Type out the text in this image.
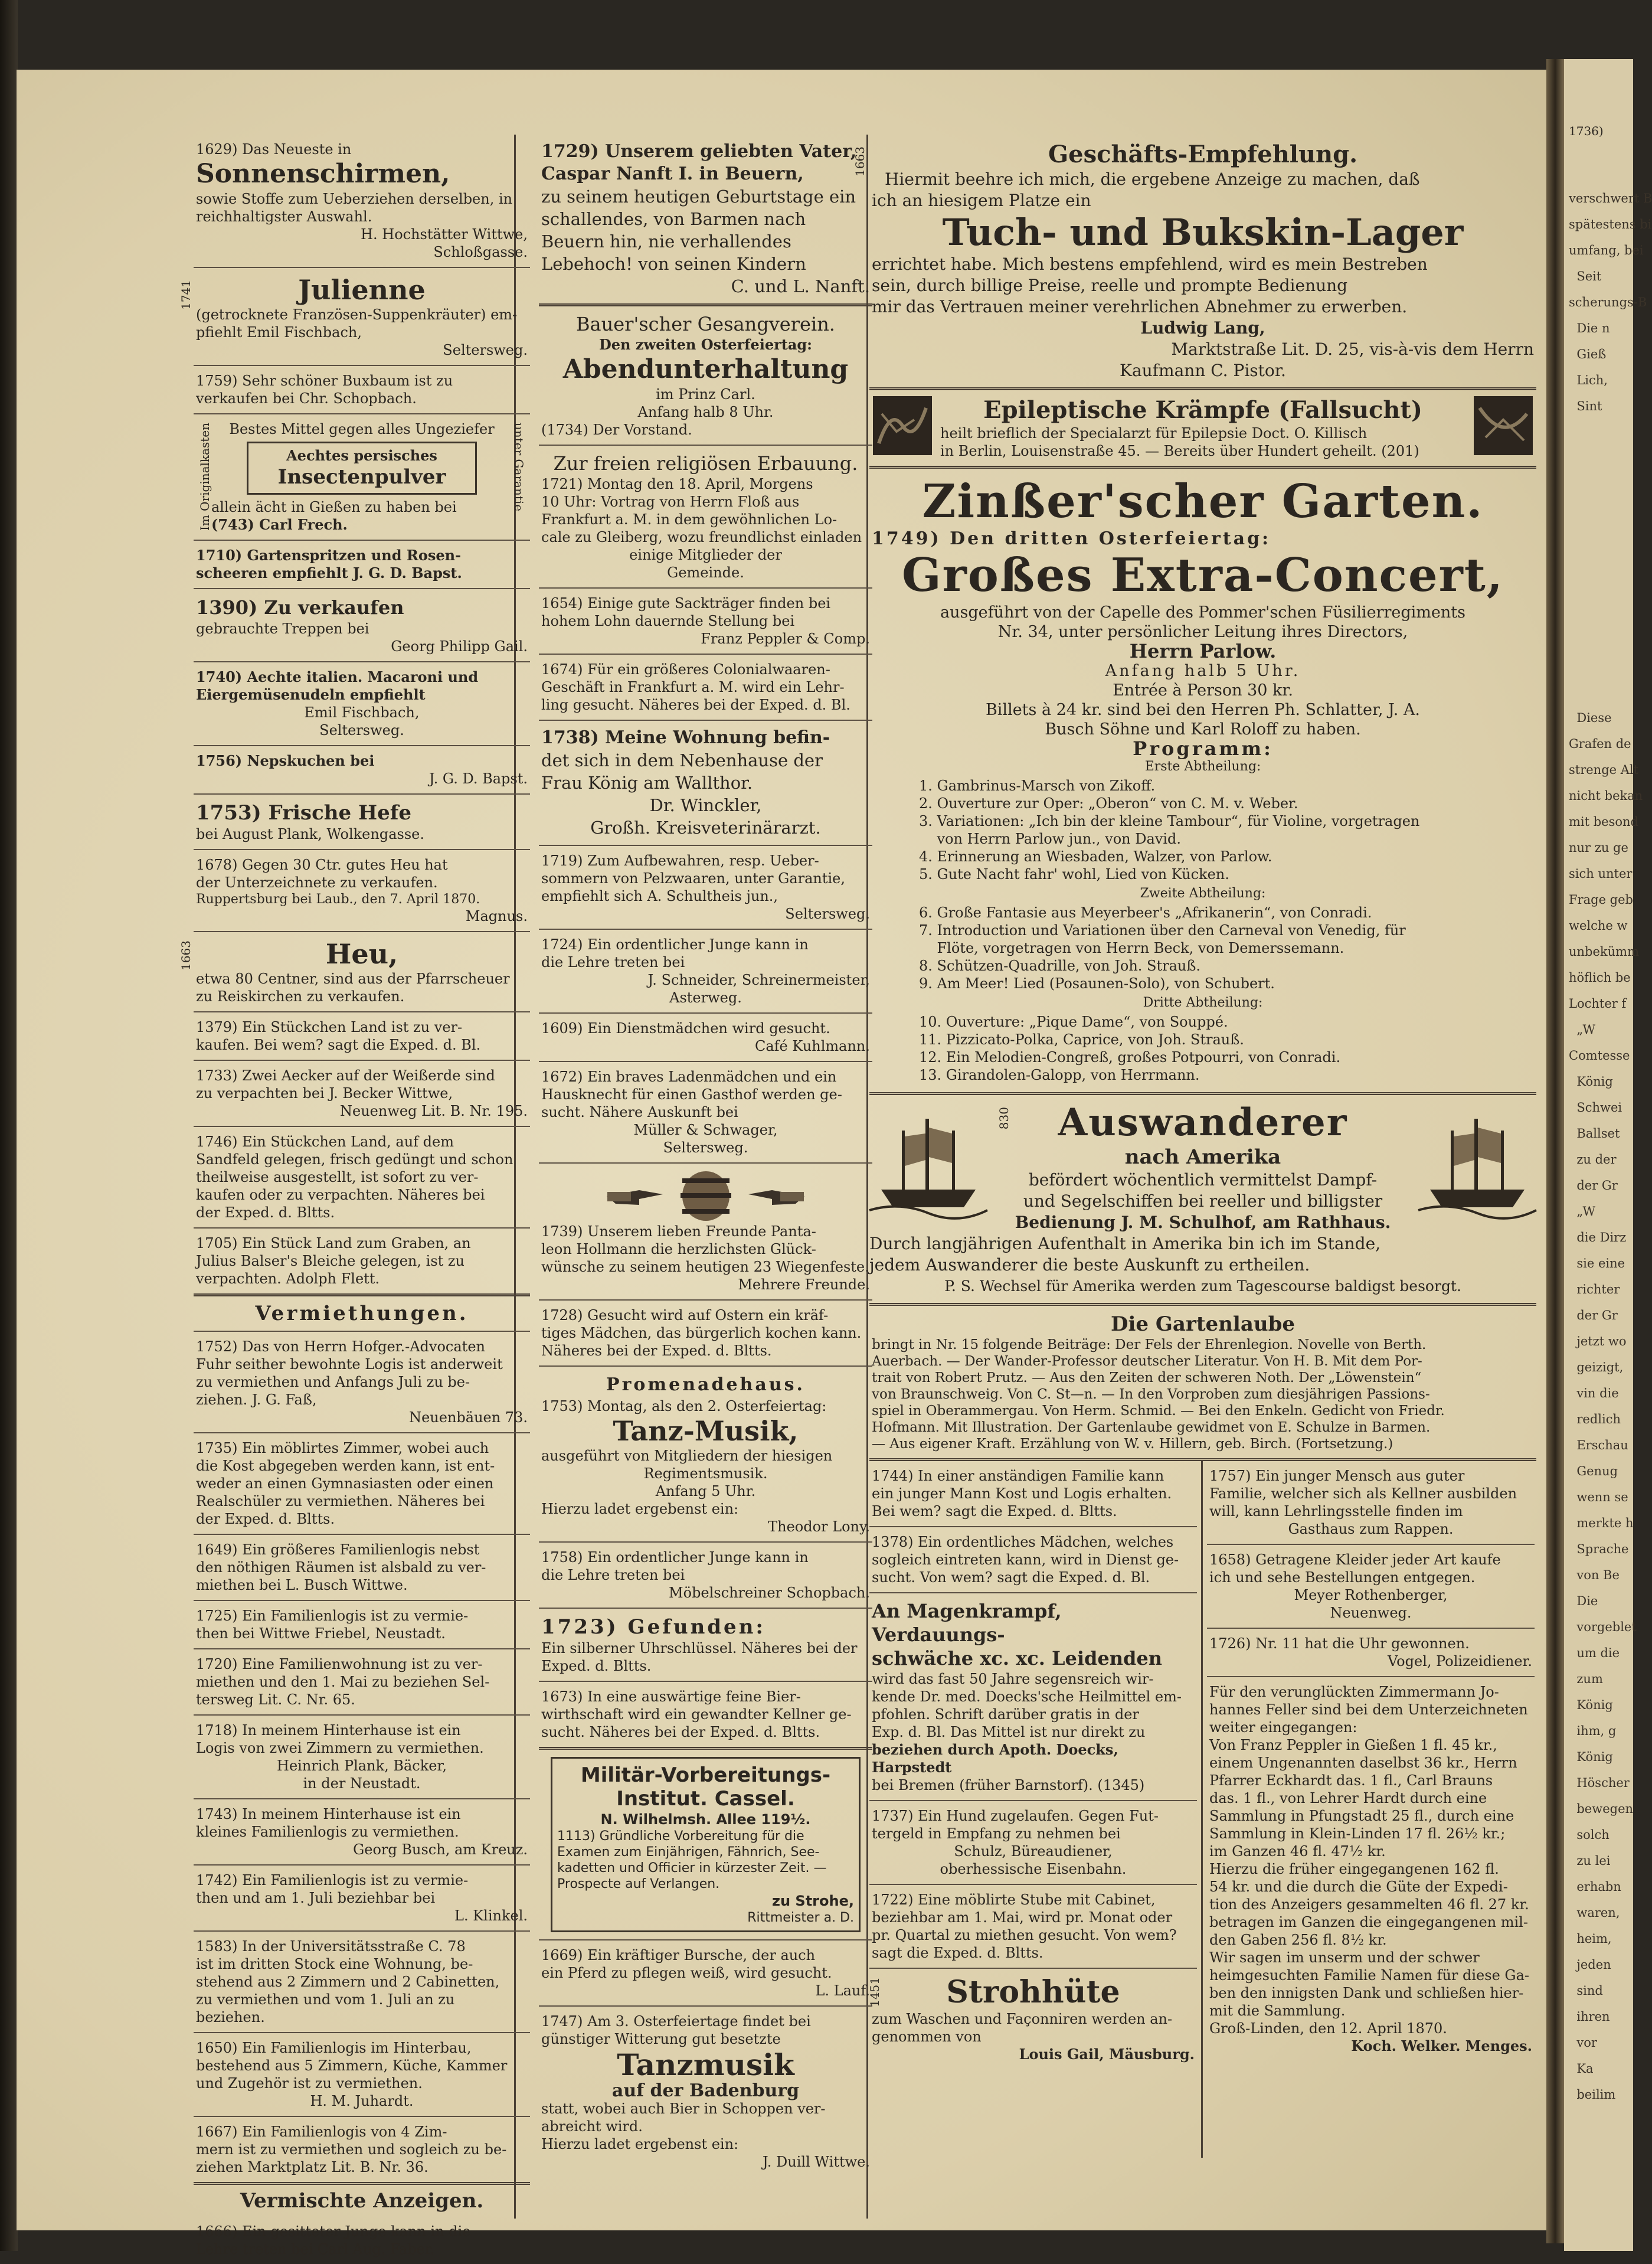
1629) Das Neueste in
Sonnenschirmen,
sowie Stoffe zum Ueberziehen derselben, in
reichhaltigster Auswahl.
H. Hochstätter Wittwe,
Schloßgasse.
1741	Julienne
(getrocknete Französen-Suppenkräuter) em-
pfiehlt Emil Fischbach,
Seltersweg.
1759) Sehr schöner Buxbaum ist zu
verkaufen bei Chr. Schopbach.
Im Originalkasten	unter Garantie
Bestes Mittel gegen alles Ungeziefer
Aechtes persisches
Insectenpulver
allein ächt in Gießen zu haben bei
(743) Carl Frech.
1710) Gartenspritzen und Rosen-
scheeren empfiehlt J. G. D. Bapst.
1390) Zu verkaufen
gebrauchte Treppen bei
Georg Philipp Gail.
1740) Aechte italien. Macaroni und
Eiergemüsenudeln empfiehlt
Emil Fischbach,
Seltersweg.
1756) Nepskuchen bei
J. G. D. Bapst.
1753) Frische Hefe
bei August Plank, Wolkengasse.
1678) Gegen 30 Ctr. gutes Heu hat
der Unterzeichnete zu verkaufen.
Ruppertsburg bei Laub., den 7. April 1870.
Magnus.
1663	Heu,
etwa 80 Centner, sind aus der Pfarrscheuer
zu Reiskirchen zu verkaufen.
1379) Ein Stückchen Land ist zu ver-
kaufen. Bei wem? sagt die Exped. d. Bl.
1733) Zwei Aecker auf der Weißerde sind
zu verpachten bei J. Becker Wittwe,
Neuenweg Lit. B. Nr. 195.
1746) Ein Stückchen Land, auf dem
Sandfeld gelegen, frisch gedüngt und schon
theilweise ausgestellt, ist sofort zu ver-
kaufen oder zu verpachten. Näheres bei
der Exped. d. Bltts.
1705) Ein Stück Land zum Graben, an
Julius Balser's Bleiche gelegen, ist zu
verpachten. Adolph Flett.
Vermiethungen.
1752) Das von Herrn Hofger.-Advocaten
Fuhr seither bewohnte Logis ist anderweit
zu vermiethen und Anfangs Juli zu be-
ziehen. J. G. Faß,
Neuenbäuen 73.
1735) Ein möblirtes Zimmer, wobei auch
die Kost abgegeben werden kann, ist ent-
weder an einen Gymnasiasten oder einen
Realschüler zu vermiethen. Näheres bei
der Exped. d. Bltts.
1649) Ein größeres Familienlogis nebst
den nöthigen Räumen ist alsbald zu ver-
miethen bei L. Busch Wittwe.
1725) Ein Familienlogis ist zu vermie-
then bei Wittwe Friebel, Neustadt.
1720) Eine Familienwohnung ist zu ver-
miethen und den 1. Mai zu beziehen Sel-
tersweg Lit. C. Nr. 65.
1718) In meinem Hinterhause ist ein
Logis von zwei Zimmern zu vermiethen.
Heinrich Plank, Bäcker,
in der Neustadt.
1743) In meinem Hinterhause ist ein
kleines Familienlogis zu vermiethen.
Georg Busch, am Kreuz.
1742) Ein Familienlogis ist zu vermie-
then und am 1. Juli beziehbar bei
L. Klinkel.
1583) In der Universitätsstraße C. 78
ist im dritten Stock eine Wohnung, be-
stehend aus 2 Zimmern und 2 Cabinetten,
zu vermiethen und vom 1. Juli an zu
beziehen.
1650) Ein Familienlogis im Hinterbau,
bestehend aus 5 Zimmern, Küche, Kammer
und Zugehör ist zu vermiethen.
H. M. Juhardt.
1667) Ein Familienlogis von 4 Zim-
mern ist zu vermiethen und sogleich zu be-
ziehen Marktplatz Lit. B. Nr. 36.
Vermischte Anzeigen.
1666) Ein gesitteter Junge kann in die
Lehre treten bei Carl Aug. Faber.
1729) Unserem geliebten Vater,
Caspar Nanft I. in Beuern,
zu seinem heutigen Geburtstage ein
schallendes, von Barmen nach
Beuern hin, nie verhallendes
Lebehoch! von seinen Kindern
C. und L. Nanft.
Bauer'scher Gesangverein.
Den zweiten Osterfeiertag:
Abendunterhaltung
im Prinz Carl.
Anfang halb 8 Uhr.
(1734) Der Vorstand.
Zur freien religiösen Erbauung.
1721) Montag den 18. April, Morgens
10 Uhr: Vortrag von Herrn Floß aus
Frankfurt a. M. in dem gewöhnlichen Lo-
cale zu Gleiberg, wozu freundlichst einladen
einige Mitglieder der
Gemeinde.
1654) Einige gute Sackträger finden bei
hohem Lohn dauernde Stellung bei
Franz Peppler & Comp.
1674) Für ein größeres Colonialwaaren-
Geschäft in Frankfurt a. M. wird ein Lehr-
ling gesucht. Näheres bei der Exped. d. Bl.
1738) Meine Wohnung befin-
det sich in dem Nebenhause der
Frau König am Wallthor.
Dr. Winckler,
Großh. Kreisveterinärarzt.
1719) Zum Aufbewahren, resp. Ueber-
sommern von Pelzwaaren, unter Garantie,
empfiehlt sich A. Schultheis jun.,
Seltersweg.
1724) Ein ordentlicher Junge kann in
die Lehre treten bei
J. Schneider, Schreinermeister,
Asterweg.
1609) Ein Dienstmädchen wird gesucht.
Café Kuhlmann.
1672) Ein braves Ladenmädchen und ein
Hausknecht für einen Gasthof werden ge-
sucht. Nähere Auskunft bei
Müller & Schwager,
Seltersweg.

1739) Unserem lieben Freunde Panta-
leon Hollmann die herzlichsten Glück-
wünsche zu seinem heutigen 23 Wiegenfeste.
Mehrere Freunde.
1728) Gesucht wird auf Ostern ein kräf-
tiges Mädchen, das bürgerlich kochen kann.
Näheres bei der Exped. d. Bltts.
Promenadehaus.
1753) Montag, als den 2. Osterfeiertag:
Tanz-Musik,
ausgeführt von Mitgliedern der hiesigen
Regimentsmusik.
Anfang 5 Uhr.
Hierzu ladet ergebenst ein:
Theodor Lony.
1758) Ein ordentlicher Junge kann in
die Lehre treten bei
Möbelschreiner Schopbach.
1723) Gefunden:
Ein silberner Uhrschlüssel. Näheres bei der
Exped. d. Bltts.
1673) In eine auswärtige feine Bier-
wirthschaft wird ein gewandter Kellner ge-
sucht. Näheres bei der Exped. d. Bltts.
Militär-Vorbereitungs-
Institut. Cassel.
N. Wilhelmsh. Allee 119½.
1113) Gründliche Vorbereitung für die
Examen zum Einjährigen, Fähnrich, See-
kadetten und Officier in kürzester Zeit. —
Prospecte auf Verlangen.
zu Strohe,
Rittmeister a. D.
1669) Ein kräftiger Bursche, der auch
ein Pferd zu pflegen weiß, wird gesucht.
L. Lauf.
1747) Am 3. Osterfeiertage findet bei
günstiger Witterung gut besetzte
Tanzmusik
auf der Badenburg
statt, wobei auch Bier in Schoppen ver-
abreicht wird.
Hierzu ladet ergebenst ein:
J. Duill Wittwe.
1663	Geschäfts-Empfehlung.
Hiermit beehre ich mich, die ergebene Anzeige zu machen, daß
ich an hiesigem Platze ein
Tuch- und Bukskin-Lager
errichtet habe. Mich bestens empfehlend, wird es mein Bestreben
sein, durch billige Preise, reelle und prompte Bedienung
mir das Vertrauen meiner verehrlichen Abnehmer zu erwerben.
Ludwig Lang,
Marktstraße Lit. D. 25, vis-à-vis dem Herrn
Kaufmann C. Pistor.
Epileptische Krämpfe (Fallsucht)
heilt brieflich der Specialarzt für Epilepsie Doct. O. Killisch
in Berlin, Louisenstraße 45. — Bereits über Hundert geheilt. (201)
Zinßer'scher Garten.
1749) Den dritten Osterfeiertag:
Großes Extra-Concert,
ausgeführt von der Capelle des Pommer'schen Füsilierregiments
Nr. 34, unter persönlicher Leitung ihres Directors,
Herrn Parlow.
Anfang halb 5 Uhr.
Entrée à Person 30 kr.
Billets à 24 kr. sind bei den Herren Ph. Schlatter, J. A.
Busch Söhne und Karl Roloff zu haben.
Programm:
Erste Abtheilung:
1. Gambrinus-Marsch von Zikoff.
2. Ouverture zur Oper: „Oberon“ von C. M. v. Weber.
3. Variationen: „Ich bin der kleine Tambour“, für Violine, vorgetragen
von Herrn Parlow jun., von David.
4. Erinnerung an Wiesbaden, Walzer, von Parlow.
5. Gute Nacht fahr' wohl, Lied von Kücken.
Zweite Abtheilung:
6. Große Fantasie aus Meyerbeer's „Afrikanerin“, von Conradi.
7. Introduction und Variationen über den Carneval von Venedig, für
Flöte, vorgetragen von Herrn Beck, von Demerssemann.
8. Schützen-Quadrille, von Joh. Strauß.
9. Am Meer! Lied (Posaunen-Solo), von Schubert.
Dritte Abtheilung:
10. Ouverture: „Pique Dame“, von Souppé.
11. Pizzicato-Polka, Caprice, von Joh. Strauß.
12. Ein Melodien-Congreß, großes Potpourri, von Conradi.
13. Girandolen-Galopp, von Herrmann.
830	Auswanderer
nach Amerika
befördert wöchentlich vermittelst Dampf-
und Segelschiffen bei reeller und billigster
Bedienung J. M. Schulhof, am Rathhaus.
Durch langjährigen Aufenthalt in Amerika bin ich im Stande,
jedem Auswanderer die beste Auskunft zu ertheilen.
P. S. Wechsel für Amerika werden zum Tagescourse baldigst besorgt.
Die Gartenlaube
bringt in Nr. 15 folgende Beiträge: Der Fels der Ehrenlegion. Novelle von Berth.
Auerbach. — Der Wander-Professor deutscher Literatur. Von H. B. Mit dem Por-
trait von Robert Prutz. — Aus den Zeiten der schweren Noth. Der „Löwenstein“
von Braunschweig. Von C. St—n. — In den Vorproben zum diesjährigen Passions-
spiel in Oberammergau. Von Herm. Schmid. — Bei den Enkeln. Gedicht von Friedr.
Hofmann. Mit Illustration. Der Gartenlaube gewidmet von E. Schulze in Barmen.
— Aus eigener Kraft. Erzählung von W. v. Hillern, geb. Birch. (Fortsetzung.)
1744) In einer anständigen Familie kann
ein junger Mann Kost und Logis erhalten.
Bei wem? sagt die Exped. d. Bltts.
1378) Ein ordentliches Mädchen, welches
sogleich eintreten kann, wird in Dienst ge-
sucht. Von wem? sagt die Exped. d. Bl.
An Magenkrampf, Verdauungs-
schwäche xc. xc. Leidenden
wird das fast 50 Jahre segensreich wir-
kende Dr. med. Doecks'sche Heilmittel em-
pfohlen. Schrift darüber gratis in der
Exp. d. Bl. Das Mittel ist nur direkt zu
beziehen durch Apoth. Doecks, Harpstedt
bei Bremen (früher Barnstorf). (1345)
1737) Ein Hund zugelaufen. Gegen Fut-
tergeld in Empfang zu nehmen bei
Schulz, Büreaudiener,
oberhessische Eisenbahn.
1722) Eine möblirte Stube mit Cabinet,
beziehbar am 1. Mai, wird pr. Monat oder
pr. Quartal zu miethen gesucht. Von wem?
sagt die Exped. d. Bltts.
1451	Strohhüte
zum Waschen und Façonniren werden an-
genommen von
Louis Gail, Mäusburg.
1757) Ein junger Mensch aus guter
Familie, welcher sich als Kellner ausbilden
will, kann Lehrlingsstelle finden im
Gasthaus zum Rappen.
1658) Getragene Kleider jeder Art kaufe
ich und sehe Bestellungen entgegen.
Meyer Rothenberger,
Neuenweg.
1726) Nr. 11 hat die Uhr gewonnen.
Vogel, Polizeidiener.
Für den verunglückten Zimmermann Jo-
hannes Feller sind bei dem Unterzeichneten
weiter eingegangen:
Von Franz Peppler in Gießen 1 fl. 45 kr.,
einem Ungenannten daselbst 36 kr., Herrn
Pfarrer Eckhardt das. 1 fl., Carl Brauns
das. 1 fl., von Lehrer Hardt durch eine
Sammlung in Pfungstadt 25 fl., durch eine
Sammlung in Klein-Linden 17 fl. 26½ kr.;
im Ganzen 46 fl. 47½ kr.
Hierzu die früher eingegangenen 162 fl.
54 kr. und die durch die Güte der Expedi-
tion des Anzeigers gesammelten 46 fl. 27 kr.
betragen im Ganzen die eingegangenen mil-
den Gaben 256 fl. 8½ kr.
Wir sagen im unserm und der schwer
heimgesuchten Familie Namen für diese Ga-
ben den innigsten Dank und schließen hier-
mit die Sammlung.
Groß-Linden, den 12. April 1870.
Koch. Welker. Menges.
1736)
verschwert B
spätestens bi
umfang, bei
Seit
scherungs-B
Die n
Gieß
Lich,
Sint

Diese
Grafen de
strenge Alt
nicht bekan
mit besond
nur zu ge
sich unter
Frage geb
welche w
unbekümm
höflich be
Lochter f
„W
Comtesse
König
Schwei
Ballset
zu der
der Gr
„W
die Dirz
sie eine
richter
der Gr
jetzt wo
geizigt,
vin die
redlich
Erschau
Genug
wenn se
merkte h
Sprache
von Be
Die
vorgeblet
um die
zum
König
ihm, g
König
Höscher
bewegen
solch
zu lei
erhabn
waren,
heim,
jeden
sind
ihren
vor
Ka
beilim
